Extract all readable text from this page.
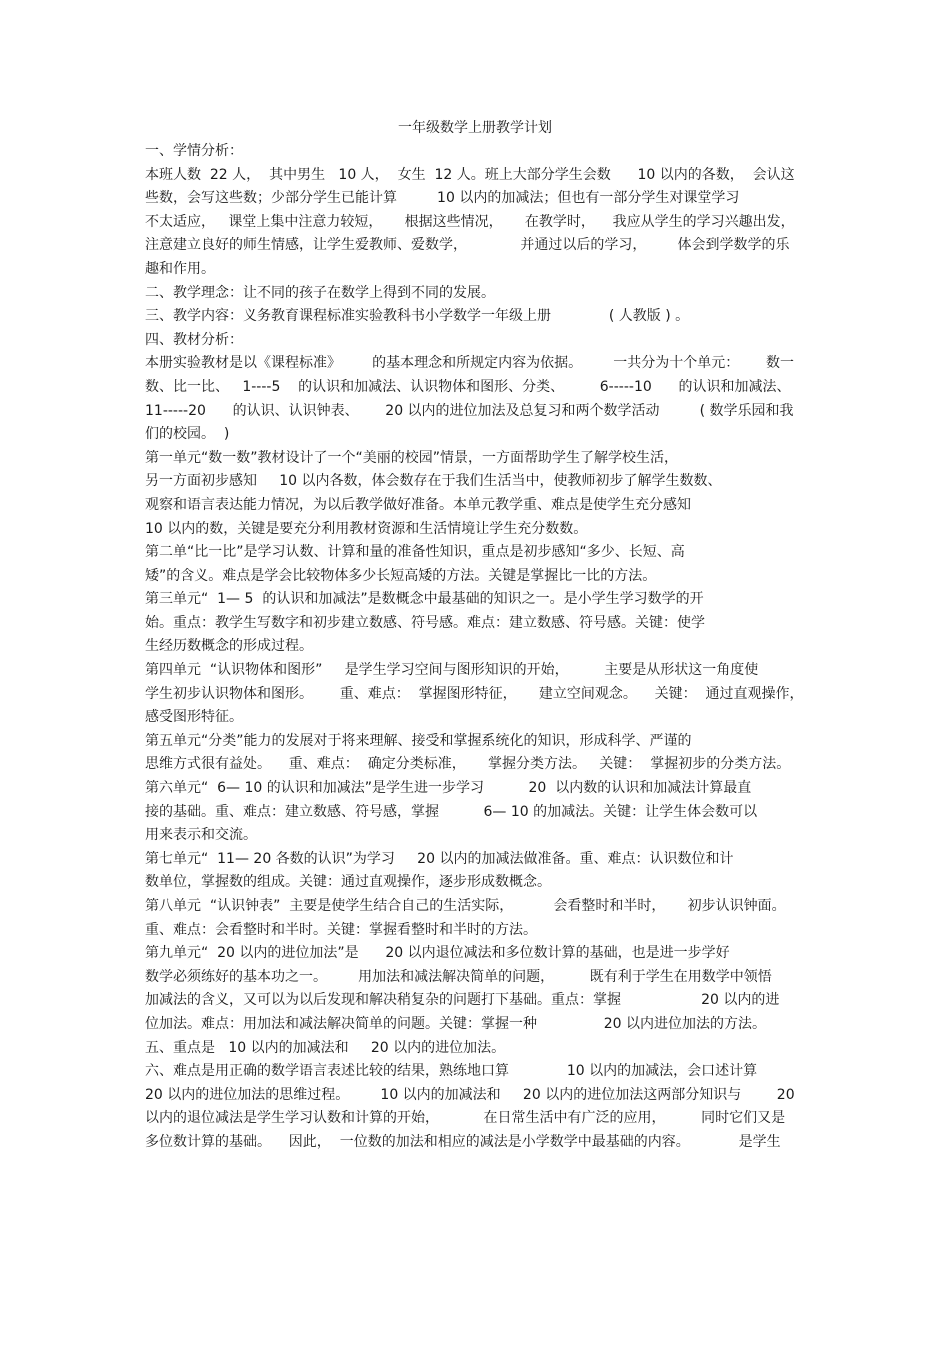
一年级数学上册教学计划
一、学情分析：
本班人数  22 人，  其中男生   10 人，  女生  12 人。班上大部分学生会数      10 以内的各数，  会认这
些数，会写这些数；少部分学生已能计算         10 以内的加减法；但也有一部分学生对课堂学习
不太适应，   课堂上集中注意力较短，     根据这些情况，     在教学时，    我应从学生的学习兴趣出发，
注意建立良好的师生情感，让学生爱教师、爱数学，            并通过以后的学习，       体会到学数学的乐
趣和作用。
二、教学理念：让不同的孩子在数学上得到不同的发展。
三、教学内容：义务教育课程标准实验教科书小学数学一年级上册             ( 人教版 ) 。
四、教材分析：
本册实验教材是以《课程标准》       的基本理念和所规定内容为依据。       一共分为十个单元：      数一
数、比一比、   1----5    的认识和加减法、认识物体和图形、分类、        6-----10      的认识和加减法、
11-----20      的认识、认识钟表、      20 以内的进位加法及总复习和两个数学活动         ( 数学乐园和我
们的校园。  )
第一单元“数一数”教材设计了一个“美丽的校园”情景，一方面帮助学生了解学校生活，
另一方面初步感知     10 以内各数，体会数存在于我们生活当中，使教师初步了解学生数数、
观察和语言表达能力情况，为以后教学做好准备。本单元教学重、难点是使学生充分感知
10 以内的数，关键是要充分利用教材资源和生活情境让学生充分数数。
第二单“比一比”是学习认数、计算和量的准备性知识，重点是初步感知“多少、长短、高
矮”的含义。难点是学会比较物体多少长短高矮的方法。关键是掌握比一比的方法。
第三单元“  1— 5  的认识和加减法”是数概念中最基础的知识之一。是小学生学习数学的开
始。重点：教学生写数字和初步建立数感、符号感。难点：建立数感、符号感。关键：使学
生经历数概念的形成过程。
第四单元  “认识物体和图形”     是学生学习空间与图形知识的开始，        主要是从形状这一角度使
学生初步认识物体和图形。      重、难点：  掌握图形特征，     建立空间观念。    关键：  通过直观操作，
感受图形特征。
第五单元“分类”能力的发展对于将来理解、接受和掌握系统化的知识，形成科学、严谨的
思维方式很有益处。    重、难点：  确定分类标准，     掌握分类方法。   关键：  掌握初步的分类方法。
第六单元“  6— 10 的认识和加减法”是学生进一步学习          20  以内数的认识和加减法计算最直
接的基础。重、难点：建立数感、符号感，掌握          6— 10 的加减法。关键：让学生体会数可以
用来表示和交流。
第七单元“  11— 20 各数的认识”为学习     20 以内的加减法做准备。重、难点：认识数位和计
数单位，掌握数的组成。关键：通过直观操作，逐步形成数概念。
第八单元  “认识钟表”  主要是使学生结合自己的生活实际，         会看整时和半时，     初步认识钟面。
重、难点：会看整时和半时。关键：掌握看整时和半时的方法。
第九单元“  20 以内的进位加法”是      20 以内退位减法和多位数计算的基础，也是进一步学好
数学必须练好的基本功之一。       用加法和减法解决简单的问题，        既有利于学生在用数学中领悟
加减法的含义，又可以为以后发现和解决稍复杂的问题打下基础。重点：掌握                  20 以内的进
位加法。难点：用加法和减法解决简单的问题。关键：掌握一种               20 以内进位加法的方法。
五、重点是   10 以内的加减法和     20 以内的进位加法。
六、难点是用正确的数学语言表述比较的结果，熟练地口算             10 以内的加减法，会口述计算
20 以内的进位加法的思维过程。       10 以内的加减法和     20 以内的进位加法这两部分知识与        20
以内的退位减法是学生学习认数和计算的开始，          在日常生活中有广泛的应用，        同时它们又是
多位数计算的基础。    因此，  一位数的加法和相应的减法是小学数学中最基础的内容。           是学生
